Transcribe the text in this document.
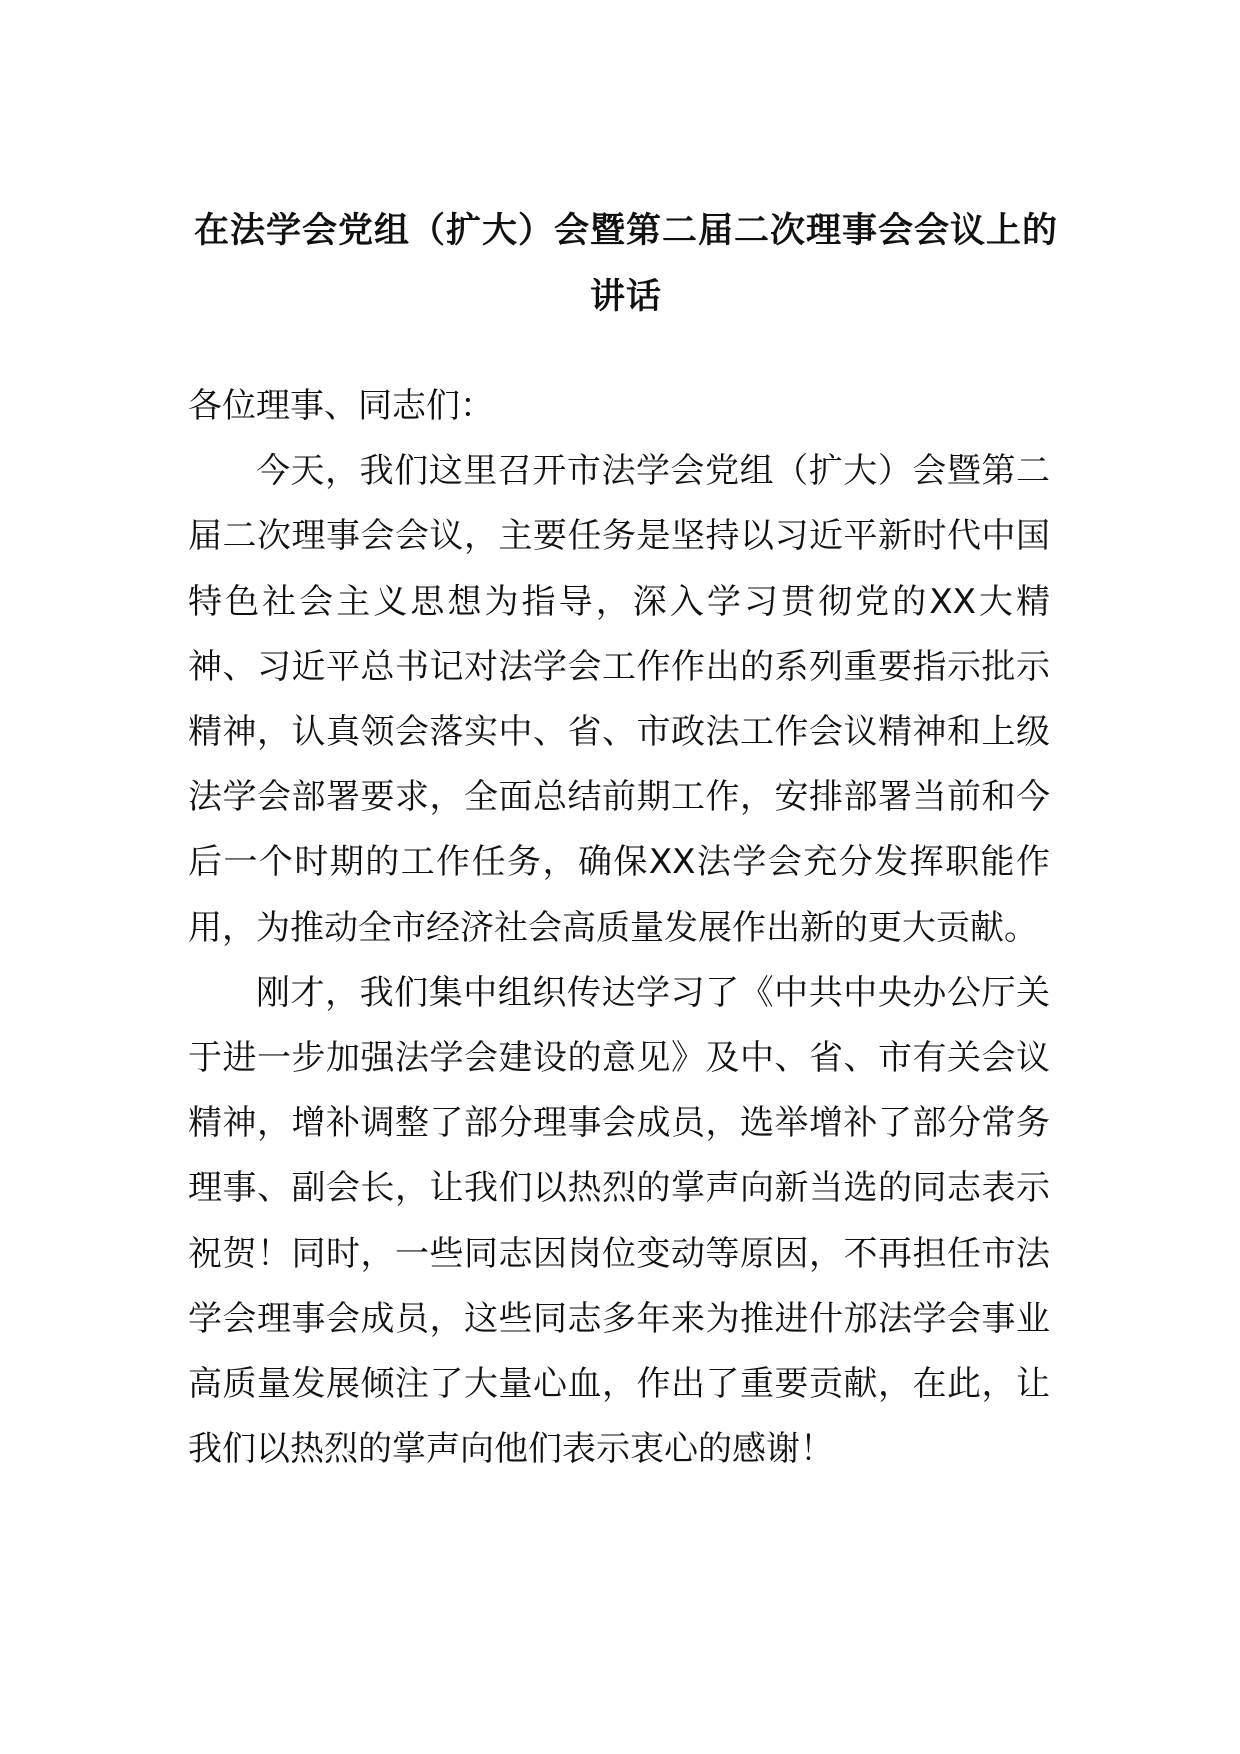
在法学会党组（扩大）会暨第二届二次理事会会议上的讲话

各位理事、同志们：

今天，我们这里召开市法学会党组（扩大）会暨第二届二次理事会会议，主要任务是坚持以习近平新时代中国特色社会主义思想为指导，深入学习贯彻党的XX大精神、习近平总书记对法学会工作作出的系列重要指示批示精神，认真领会落实中、省、市政法工作会议精神和上级法学会部署要求，全面总结前期工作，安排部署当前和今后一个时期的工作任务，确保XX法学会充分发挥职能作用，为推动全市经济社会高质量发展作出新的更大贡献。

刚才，我们集中组织传达学习了《中共中央办公厅关于进一步加强法学会建设的意见》及中、省、市有关会议精神，增补调整了部分理事会成员，选举增补了部分常务理事、副会长，让我们以热烈的掌声向新当选的同志表示祝贺！同时，一些同志因岗位变动等原因，不再担任市法学会理事会成员，这些同志多年来为推进什邡法学会事业高质量发展倾注了大量心血，作出了重要贡献，在此，让我们以热烈的掌声向他们表示衷心的感谢！
